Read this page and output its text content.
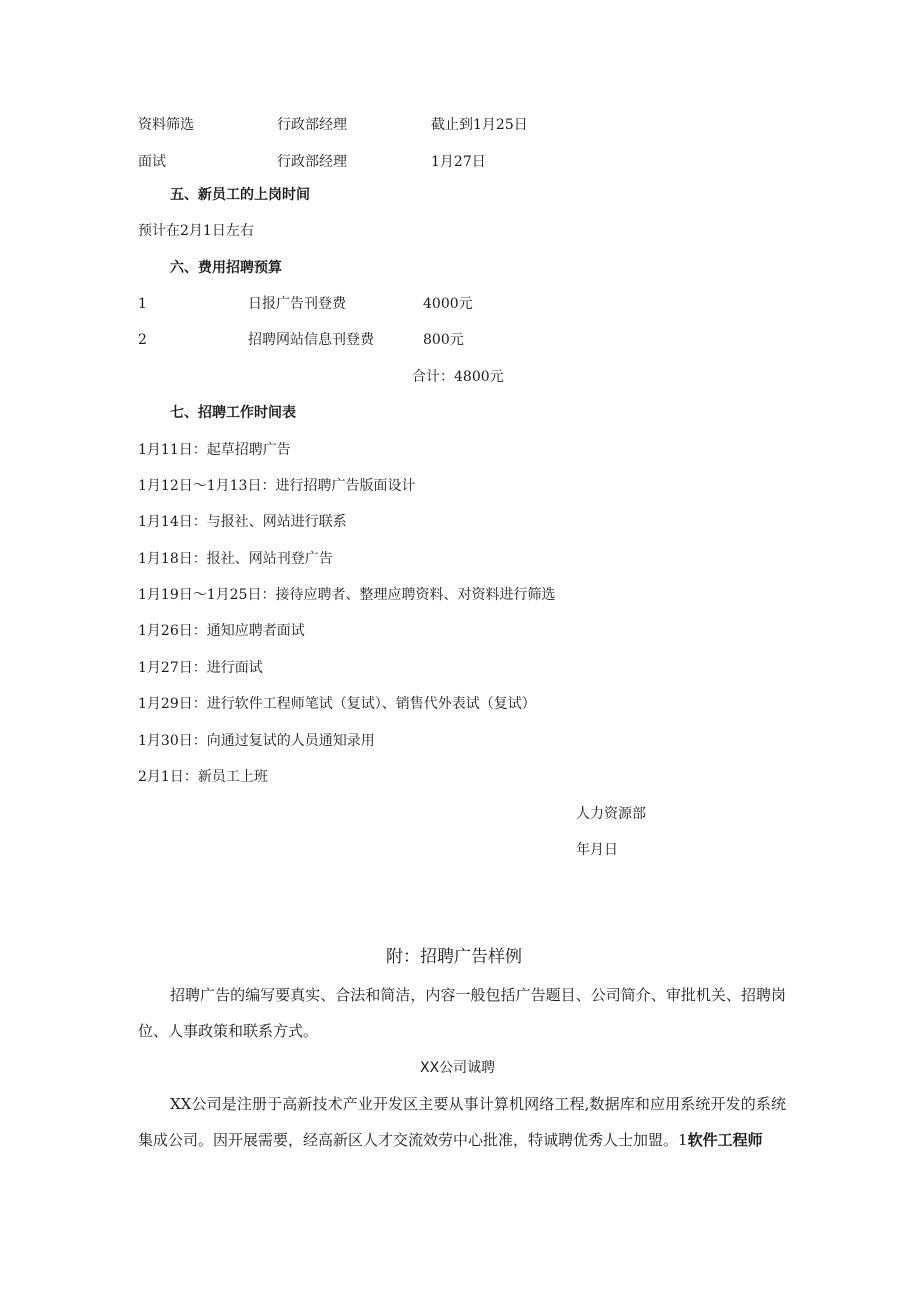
资料筛选	行政部经理	截止到1月25日
面试	行政部经理	1月27日
五、新员工的上岗时间
预计在2月1日左右
六、费用招聘预算
1	日报广告刊登费	4000元
2	招聘网站信息刊登费	800元
合计：4800元
七、招聘工作时间表
1月11日：起草招聘广告
1月12日～1月13日：进行招聘广告版面设计
1月14日：与报社、网站进行联系
1月18日：报社、网站刊登广告
1月19日～1月25日：接待应聘者、整理应聘资料、对资料进行筛选
1月26日：通知应聘者面试
1月27日：进行面试
1月29日：进行软件工程师笔试（复试）、销售代外表试（复试）
1月30日：向通过复试的人员通知录用
2月1日：新员工上班
人力资源部
年月日
附：招聘广告样例
招聘广告的编写要真实、合法和简洁，内容一般包括广告题目、公司简介、审批机关、招聘岗位、人事政策和联系方式。
XX公司诚聘
XX公司是注册于高新技术产业开发区主要从事计算机网络工程,数据库和应用系统开发的系统集成公司。因开展需要，经高新区人才交流效劳中心批准，特诚聘优秀人士加盟。1软件工程师
